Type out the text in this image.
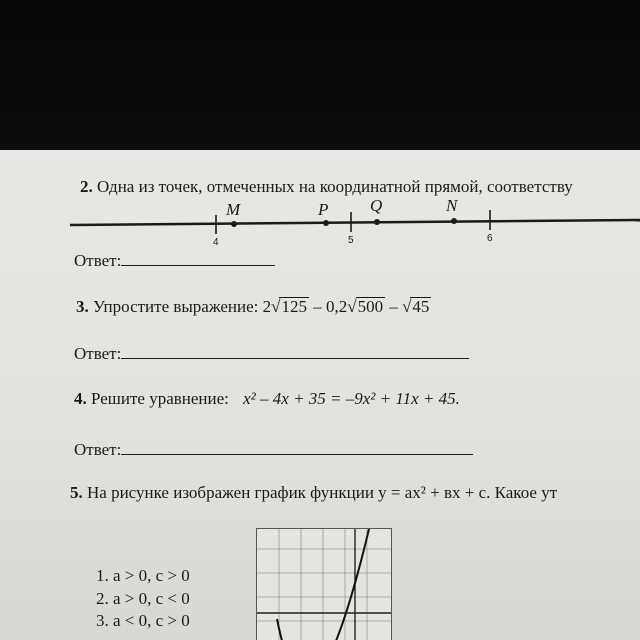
2. Одна из точек, отмеченных на координатной прямой, соответству
M	P Q	N
4	5	6
Ответ:
3. Упростите выражение: 2√125 – 0,2√500 – √45
Ответ:
4. Решите уравнение: x² – 4x + 35 = –9x² + 11x + 45.
Ответ:
5. На рисунке изображен график функции y = ax² + вx + c. Какое ут
1. a > 0, c > 0
2. a > 0, c < 0
3. a < 0, c > 0
